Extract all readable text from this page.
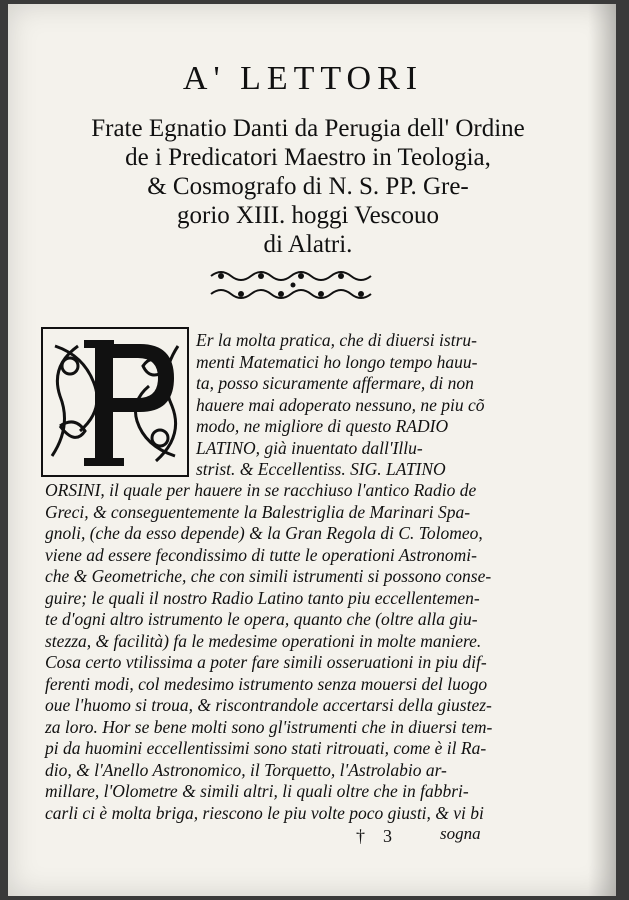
A' LETTORI
Frate Egnatio Danti da Perugia dell' Ordine
de i Predicatori Maestro in Teologia,
& Cosmografo di N. S. PP. Gre-
gorio XIII. hoggi Vescouo
di Alatri.
Er la molta pratica, che di diuersi istru-
menti Matematici ho longo tempo hauu-
ta, posso sicuramente affermare, di non
hauere mai adoperato nessuno, ne piu cõ
modo, ne migliore di questo RADIO
LATINO, già inuentato dall'Illu-
strist. & Eccellentiss. SIG. LATINO
ORSINI, il quale per hauere in se racchiuso l'antico Radio de
Greci, & conseguentemente la Balestriglia de Marinari Spa-
gnoli, (che da esso depende) & la Gran Regola di C. Tolomeo,
viene ad essere fecondissimo di tutte le operationi Astronomi-
che & Geometriche, che con simili istrumenti si possono conse-
guire; le quali il nostro Radio Latino tanto piu eccellentemen-
te d'ogni altro istrumento le opera, quanto che (oltre alla giu-
stezza, & facilità) fa le medesime operationi in molte maniere.
Cosa certo vtilissima a poter fare simili osseruationi in piu dif-
ferenti modi, col medesimo istrumento senza mouersi del luogo
oue l'huomo si troua, & riscontrandole accertarsi della giustez-
za loro. Hor se bene molti sono gl'istrumenti che in diuersi tem-
pi da huomini eccellentissimi sono stati ritrouati, come è il Ra-
dio, & l'Anello Astronomico, il Torquetto, l'Astrolabio ar-
millare, l'Olometre & simili altri, li quali oltre che in fabbri-
carli ci è molta briga, riescono le piu volte poco giusti, & vi bi
† 3	sogna
